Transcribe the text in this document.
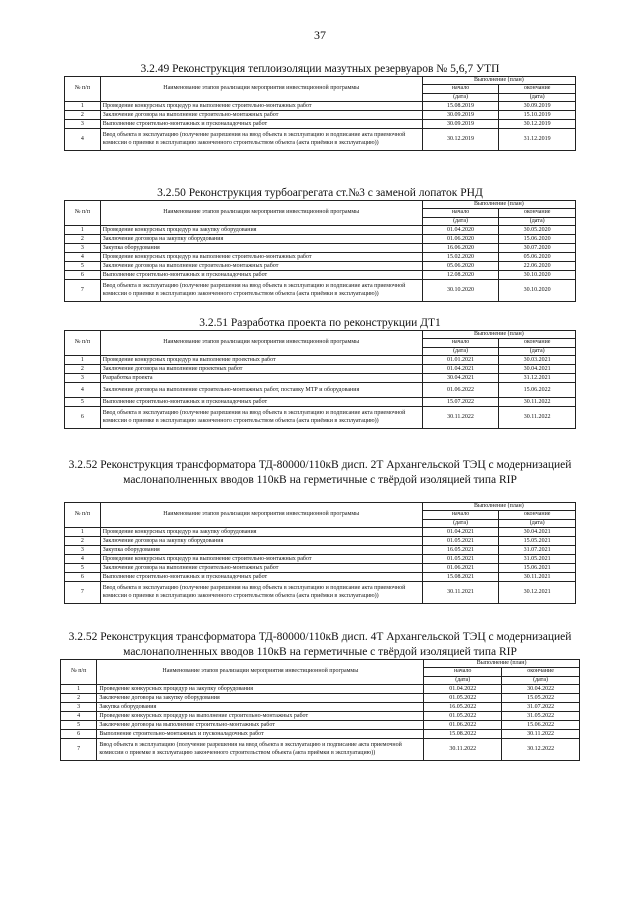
37
3.2.49 Реконструкция теплоизоляции мазутных резервуаров № 5,6,7 УТП
№ п/п	Наименование этапов реализации мероприятия инвестиционной программы	Выполнение (план)	
		начало	окончание
		(дата)	(дата)
1	Проведение конкурсных процедур на выполнение строительно-монтажных работ	15.08.2019	30.09.2019
2	Заключение договора на выполнение строительно-монтажных работ	30.09.2019	15.10.2019
3	Выполнение строительно-монтажных и пусконаладочных работ	30.09.2019	30.12.2019
4	Ввод объекта в эксплуатацию (получение разрешения на ввод объекта в эксплуатацию и подписание акта приемочной комиссии о приемке в эксплуатацию законченного строительством объекта (акта приёмки в эксплуатацию))	30.12.2019	31.12.2019
3.2.50 Реконструкция турбоагрегата ст.№3 с заменой лопаток РНД
№ п/п	Наименование этапов реализации мероприятия инвестиционной программы	Выполнение (план)	
		начало	окончание
		(дата)	(дата)
1	Проведение конкурсных процедур на закупку оборудования	01.04.2020	30.05.2020
2	Заключение договора на закупку оборудования	01.06.2020	15.06.2020
3	Закупка оборудования	16.06.2020	30.07.2020
4	Проведение конкурсных процедур на выполнение строительно-монтажных работ	15.02.2020	05.06.2020
5	Заключение договора на выполнение строительно-монтажных работ	05.06.2020	22.06.2020
6	Выполнение строительно-монтажных и пусконаладочных работ	12.08.2020	30.10.2020
7	Ввод объекта в эксплуатацию (получение разрешения на ввод объекта в эксплуатацию и подписание акта приемочной комиссии о приемке в эксплуатацию законченного строительством объекта (акта приёмки в эксплуатацию))	30.10.2020	30.10.2020
3.2.51 Разработка проекта по реконструкции ДТ1
№ п/п	Наименование этапов реализации мероприятия инвестиционной программы	Выполнение (план)	
		начало	окончание
		(дата)	(дата)
1	Проведение конкурсных процедур на выполнение проектных работ	01.01.2021	30.03.2021
2	Заключение договора на выполнение проектных работ	01.04.2021	30.04.2021
3	Разработка проекта	30.04.2021	31.12.2021
4	Заключение договора на выполнение строительно-монтажных работ, поставку МТР и оборудования	01.06.2022	15.06.2022
5	Выполнение строительно-монтажных и пусконаладочных работ	15.07.2022	30.11.2022
6	Ввод объекта в эксплуатацию (получение разрешения на ввод объекта в эксплуатацию и подписание акта приемочной комиссии о приемке в эксплуатацию законченного строительством объекта (акта приёмки в эксплуатацию))	30.11.2022	30.11.2022
3.2.52 Реконструкция трансформатора ТД-80000/110кВ дисп. 2Т Архангельской ТЭЦ с модернизацией маслонаполненных вводов 110кВ на герметичные с твёрдой изоляцией типа RIP
№ п/п	Наименование этапов реализации мероприятия инвестиционной программы	Выполнение (план)	
		начало	окончание
		(дата)	(дата)
1	Проведение конкурсных процедур на закупку оборудования	01.04.2021	30.04.2021
2	Заключение договора на закупку оборудования	01.05.2021	15.05.2021
3	Закупка оборудования	16.05.2021	31.07.2021
4	Проведение конкурсных процедур на выполнение строительно-монтажных работ	01.05.2021	31.05.2021
5	Заключение договора на выполнение строительно-монтажных работ	01.06.2021	15.06.2021
6	Выполнение строительно-монтажных и пусконаладочных работ	15.08.2021	30.11.2021
7	Ввод объекта в эксплуатацию (получение разрешения на ввод объекта в эксплуатацию и подписание акта приемочной комиссии о приемке в эксплуатацию законченного строительством объекта (акта приёмки в эксплуатацию))	30.11.2021	30.12.2021
3.2.52 Реконструкция трансформатора ТД-80000/110кВ дисп. 4Т Архангельской ТЭЦ с модернизацией маслонаполненных вводов 110кВ на герметичные с твёрдой изоляцией типа RIP
№ п/п	Наименование этапов реализации мероприятия инвестиционной программы	Выполнение (план)	
		начало	окончание
		(дата)	(дата)
1	Проведение конкурсных процедур на закупку оборудования	01.04.2022	30.04.2022
2	Заключение договора на закупку оборудования	01.05.2022	15.05.2022
3	Закупка оборудования	16.05.2022	31.07.2022
4	Проведение конкурсных процедур на выполнение строительно-монтажных работ	01.05.2022	31.05.2022
5	Заключение договора на выполнение строительно-монтажных работ	01.06.2022	15.06.2022
6	Выполнение строительно-монтажных и пусконаладочных работ	15.08.2022	30.11.2022
7	Ввод объекта в эксплуатацию (получение разрешения на ввод объекта в эксплуатацию и подписание акта приемочной комиссии о приемке в эксплуатацию законченного строительством объекта (акта приёмки в эксплуатацию))	30.11.2022	30.12.2022
